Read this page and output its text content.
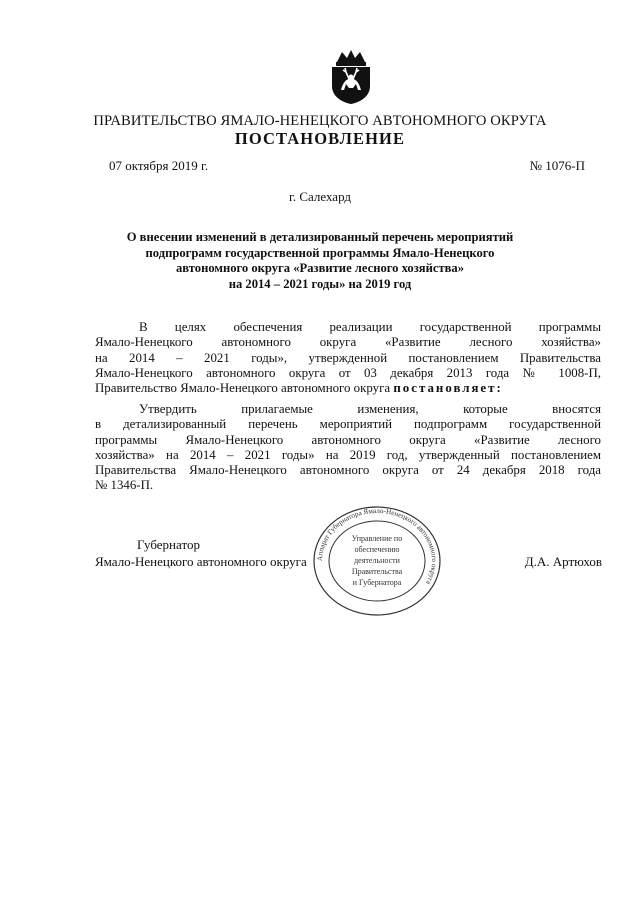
ПРАВИТЕЛЬСТВО ЯМАЛО-НЕНЕЦКОГО АВТОНОМНОГО ОКРУГА
ПОСТАНОВЛЕНИЕ
07 октября 2019 г.	№ 1076-П
г. Салехард
О внесении изменений в детализированный перечень мероприятий
подпрограмм государственной программы Ямало-Ненецкого
автономного округа «Развитие лесного хозяйства»
на 2014 – 2021 годы» на 2019 год
В целях обеспечения реализации государственной программы
Ямало-Ненецкого автономного округа «Развитие лесного хозяйства»
на 2014 – 2021 годы», утвержденной постановлением Правительства
Ямало-Ненецкого автономного округа от 03 декабря 2013 года № 1008-П,
Правительство Ямало-Ненецкого автономного округа постановляет:
Утвердить прилагаемые изменения, которые вносятся
в детализированный перечень мероприятий подпрограмм государственной
программы Ямало-Ненецкого автономного округа «Развитие лесного
хозяйства» на 2014 – 2021 годы» на 2019 год, утвержденный постановлением
Правительства Ямало-Ненецкого автономного округа от 24 декабря 2018 года
№ 1346-П.
Губернатор
Ямало-Ненецкого автономного округа	Д.А. Артюхов
Аппарат Губернатора Ямало-Ненецкого автономного округа
Управление по
обеспечению
деятельности
Правительства
и Губернатора
